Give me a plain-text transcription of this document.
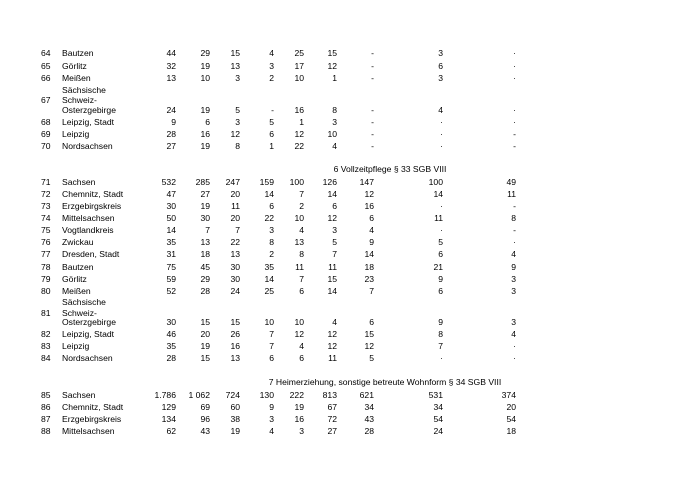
64 Bautzen	44	29	15	4	25	15	-	3	·
65 Görlitz	32	19	13	3	17	12	-	6	·
66 Meißen	13	10	3	2	10	1	-	3	·
Sächsische
67 Schweiz-
Osterzgebirge	24	19	5	-	16	8	-	4	·
68 Leipzig, Stadt	9	6	3	5	1	3	-	·	·
69 Leipzig	28	16	12	6	12	10	-	·	-
70 Nordsachsen	27	19	8	1	22	4	-	·	-
6 Vollzeitpflege § 33 SGB VIII
71 Sachsen	532	285	247	159	100	126	147	100	49
72 Chemnitz, Stadt	47	27	20	14	7	14	12	14	11
73 Erzgebirgskreis	30	19	11	6	2	6	16	·	-
74 Mittelsachsen	50	30	20	22	10	12	6	11	8
75 Vogtlandkreis	14	7	7	3	4	3	4	·	-
76 Zwickau	35	13	22	8	13	5	9	5	·
77 Dresden, Stadt	31	18	13	2	8	7	14	6	4
78 Bautzen	75	45	30	35	11	11	18	21	9
79 Görlitz	59	29	30	14	7	15	23	9	3
80 Meißen	52	28	24	25	6	14	7	6	3
Sächsische
81 Schweiz-
Osterzgebirge	30	15	15	10	10	4	6	9	3
82 Leipzig, Stadt	46	20	26	7	12	12	15	8	4
83 Leipzig	35	19	16	7	4	12	12	7	·
84 Nordsachsen	28	15	13	6	6	11	5	·	·
7 Heimerziehung, sonstige betreute Wohnform § 34 SGB VIII
85 Sachsen	1.786	1 062	724	130	222	813	621	531	374
86 Chemnitz, Stadt	129	69	60	9	19	67	34	34	20
87 Erzgebirgskreis	134	96	38	3	16	72	43	54	54
88 Mittelsachsen	62	43	19	4	3	27	28	24	18
